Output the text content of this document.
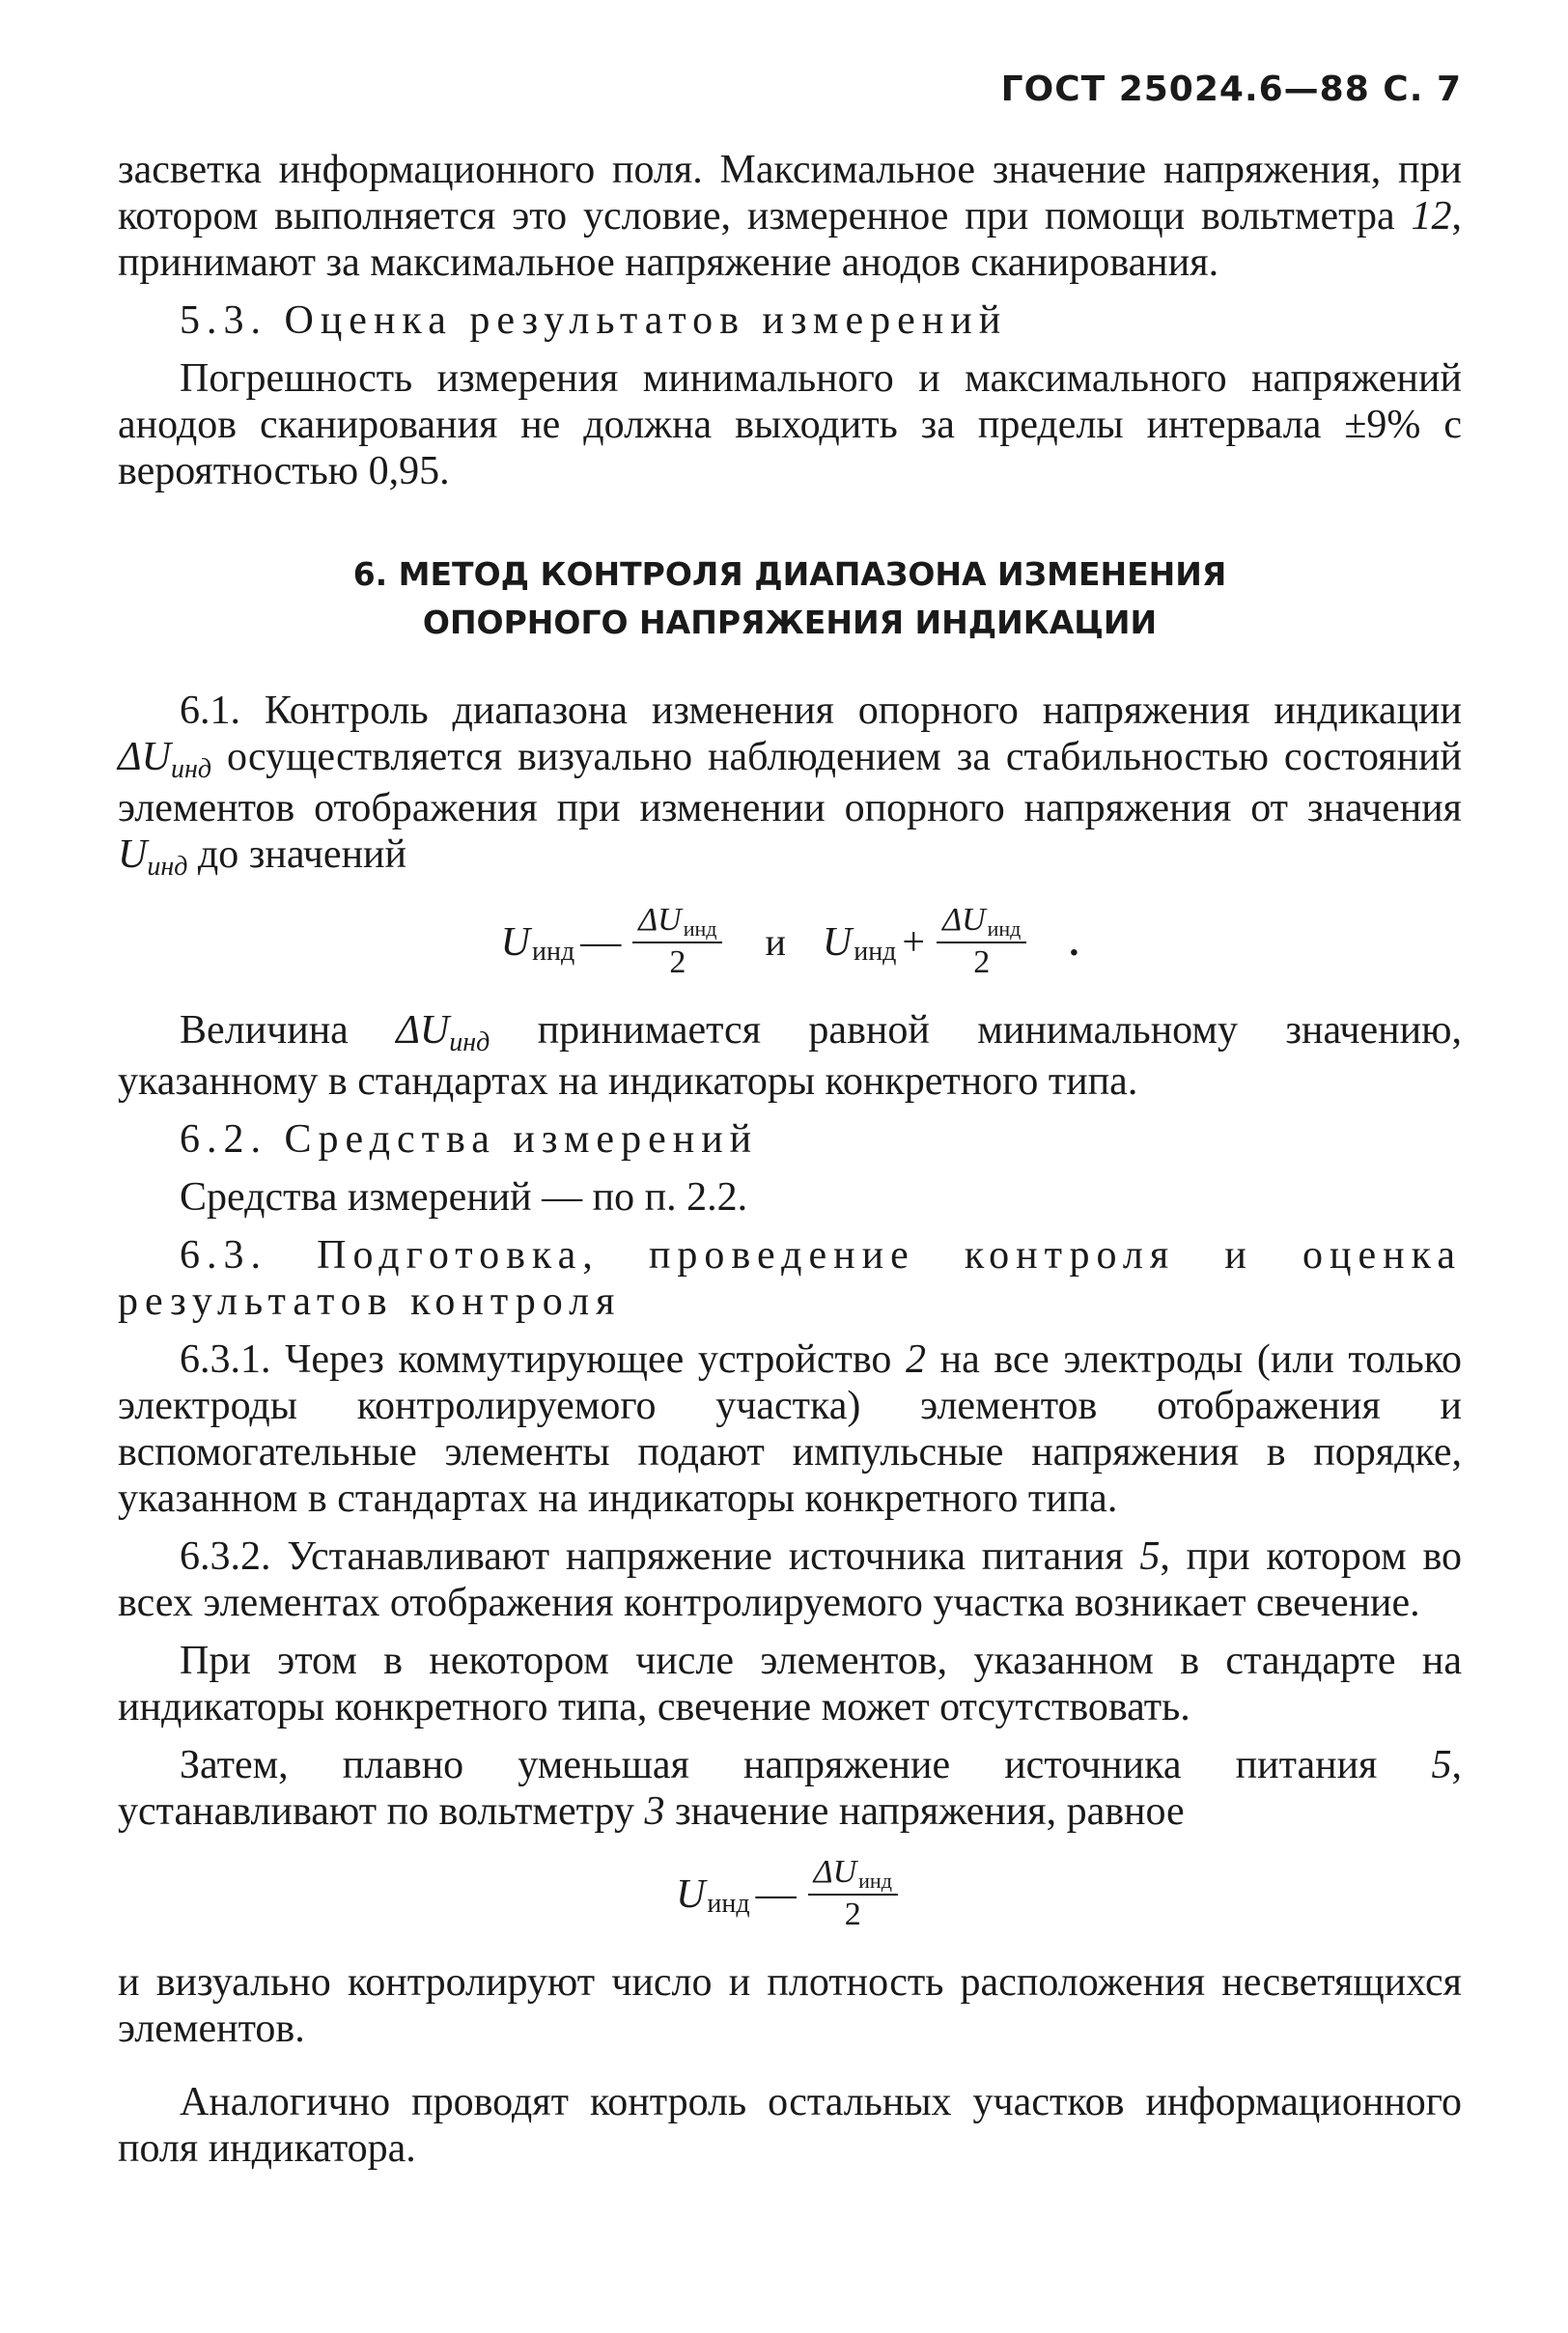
ГОСТ 25024.6—88 С. 7

засветка информационного поля. Максимальное значение напряжения, при котором выполняется это условие, измеренное при помощи вольтметра 12, принимают за максимальное напряжение анодов сканирования.

5.3. Оценка результатов измерений

Погрешность измерения минимального и максимального напряжений анодов сканирования не должна выходить за пределы интервала ±9% с вероятностью 0,95.

6. МЕТОД КОНТРОЛЯ ДИАПАЗОНА ИЗМЕНЕНИЯ
ОПОРНОГО НАПРЯЖЕНИЯ ИНДИКАЦИИ

6.1. Контроль диапазона изменения опорного напряжения индикации ΔUинд осуществляется визуально наблюдением за стабильностью состояний элементов отображения при изменении опорного напряжения от значения Uинд до значений

U инд — $\frac{\text{ΔUинд}}{2}$ и U инд + $\frac{\text{ΔUинд}}{2}$ .

Величина ΔUинд принимается равной минимальному значению, указанному в стандартах на индикаторы конкретного типа.

6.2. Средства измерений

Средства измерений — по п. 2.2.

6.3. Подготовка, проведение контроля и оценка результатов контроля

6.3.1. Через коммутирующее устройство 2 на все электроды (или только электроды контролируемого участка) элементов отображения и вспомогательные элементы подают импульсные напряжения в порядке, указанном в стандартах на индикаторы конкретного типа.

6.3.2. Устанавливают напряжение источника питания 5, при котором во всех элементах отображения контролируемого участка возникает свечение.

При этом в некотором числе элементов, указанном в стандарте на индикаторы конкретного типа, свечение может отсутствовать.

Затем, плавно уменьшая напряжение источника питания 5, устанавливают по вольтметру 3 значение напряжения, равное

U инд — $\frac{\text{ΔUинд}}{2}$

и визуально контролируют число и плотность расположения несветящихся элементов.

Аналогично проводят контроль остальных участков информационного поля индикатора.
